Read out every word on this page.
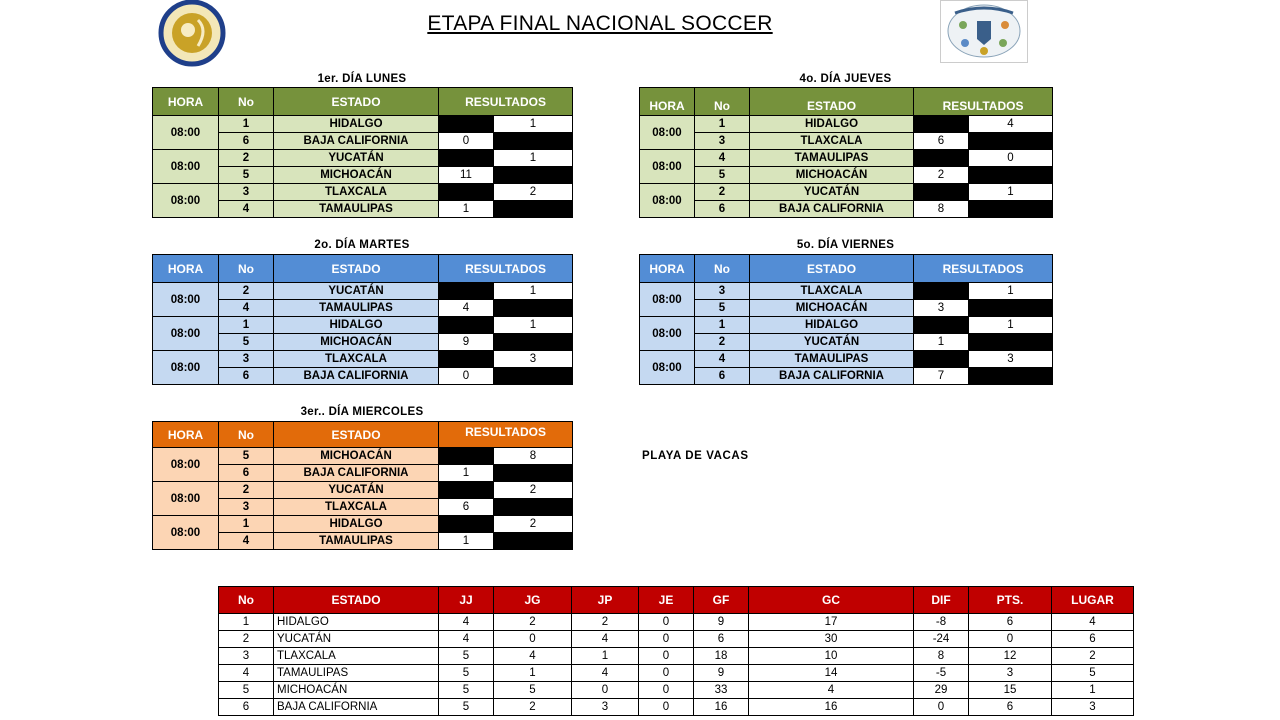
ETAPA FINAL NACIONAL SOCCER
1er. DÍA LUNES	4o. DÍA JUEVES
2o. DÍA MARTES	5o. DÍA VIERNES
3er.. DÍA MIERCOLES
HORA	No	ESTADO	RESULTADOS	
08:00	1	HIDALGO		1
	6	BAJA CALIFORNIA	0	
08:00	2	YUCATÁN		1
	5	MICHOACÁN	11	
08:00	3	TLAXCALA		2
	4	TAMAULIPAS	1	
HORA	No	ESTADO	RESULTADOS	
08:00	1	HIDALGO		4
	3	TLAXCALA	6	
08:00	4	TAMAULIPAS		0
	5	MICHOACÁN	2	
08:00	2	YUCATÁN		1
	6	BAJA CALIFORNIA	8	
HORA	No	ESTADO	RESULTADOS	
08:00	2	YUCATÁN		1
	4	TAMAULIPAS	4	
08:00	1	HIDALGO		1
	5	MICHOACÁN	9	
08:00	3	TLAXCALA		3
	6	BAJA CALIFORNIA	0	
HORA	No	ESTADO	RESULTADOS	
08:00	3	TLAXCALA		1
	5	MICHOACÁN	3	
08:00	1	HIDALGO		1
	2	YUCATÁN	1	
08:00	4	TAMAULIPAS		3
	6	BAJA CALIFORNIA	7	
HORA	No	ESTADO	RESULTADOS	
08:00	5	MICHOACÁN		8
	6	BAJA CALIFORNIA	1	
08:00	2	YUCATÁN		2
	3	TLAXCALA	6	
08:00	1	HIDALGO		2
	4	TAMAULIPAS	1	
PLAYA DE VACAS
No	ESTADO	JJ	JG	JP	JE	GF	GC	DIF	PTS.	LUGAR
1	HIDALGO	4	2	2	0	9	17	-8	6	4
2	YUCATÁN	4	0	4	0	6	30	-24	0	6
3	TLAXCALA	5	4	1	0	18	10	8	12	2
4	TAMAULIPAS	5	1	4	0	9	14	-5	3	5
5	MICHOACÁN	5	5	0	0	33	4	29	15	1
6	BAJA CALIFORNIA	5	2	3	0	16	16	0	6	3
